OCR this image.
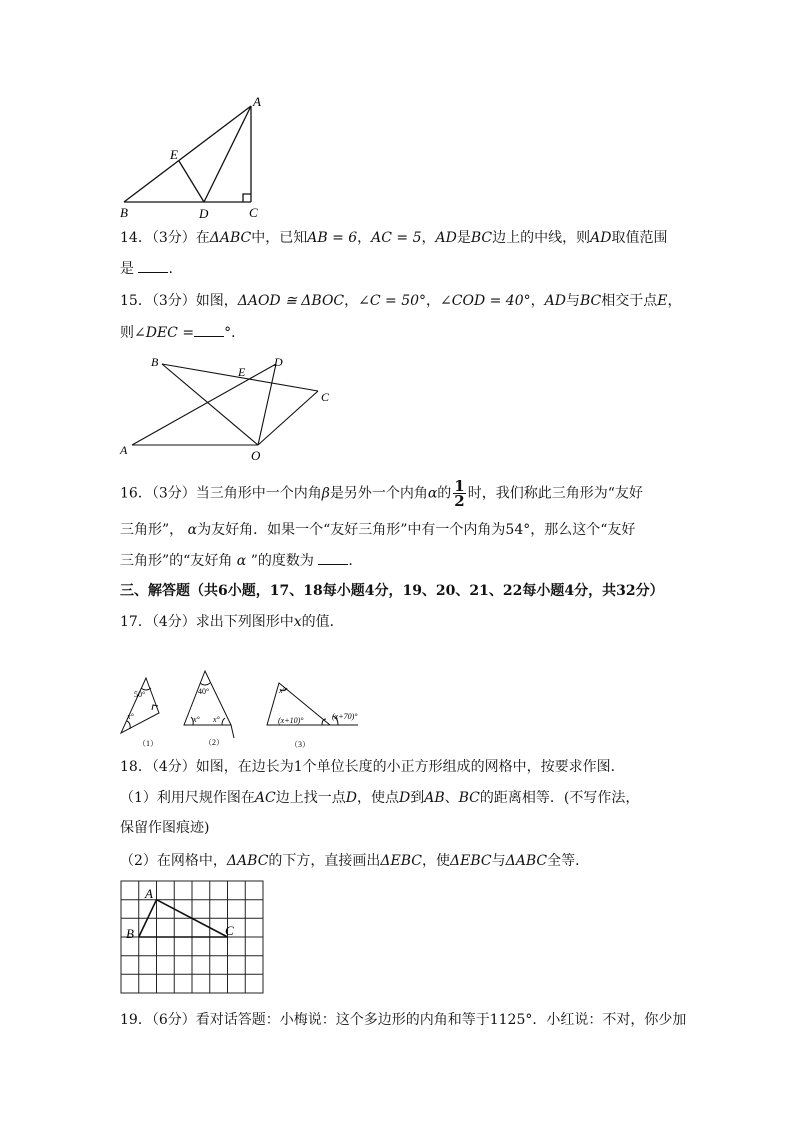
A
E
B	D	C
B
E
D
C
A	O
50°
x°
（1）
40°
x° x°
（2）
x°
(x+10)°	(x+70)°
（3）
A
B	C
14．（3分）在ΔABC中，已知AB = 6，AC = 5，AD是BC边上的中线，则AD取值范围
是 .
15．（3分）如图，ΔAOD ≅ ΔBOC，∠C = 50°，∠COD = 40°，AD与BC相交于点E，
则∠DEC = °．
16．（3分）当三角形中一个内角β是另外一个内角α的 $\frac{1}{2}$ 时，我们称此三角形为“友好
三角形”， α为友好角．如果一个“友好三角形”中有一个内角为54°，那么这个“友好
三角形”的“友好角 α ”的度数为 .
三、解答题（共6小题，17、18每小题4分，19、20、21、22每小题4分，共32分）
17．（4分）求出下列图形中x的值．
18．（4分）如图，在边长为1个单位长度的小正方形组成的网格中，按要求作图．
（1）利用尺规作图在AC边上找一点D，使点D到AB、BC的距离相等．(不写作法，
保留作图痕迹)
（2）在网格中，ΔABC的下方，直接画出ΔEBC，使ΔEBC与ΔABC全等．
19．（6分）看对话答题：小梅说：这个多边形的内角和等于1125°．小红说：不对，你少加
